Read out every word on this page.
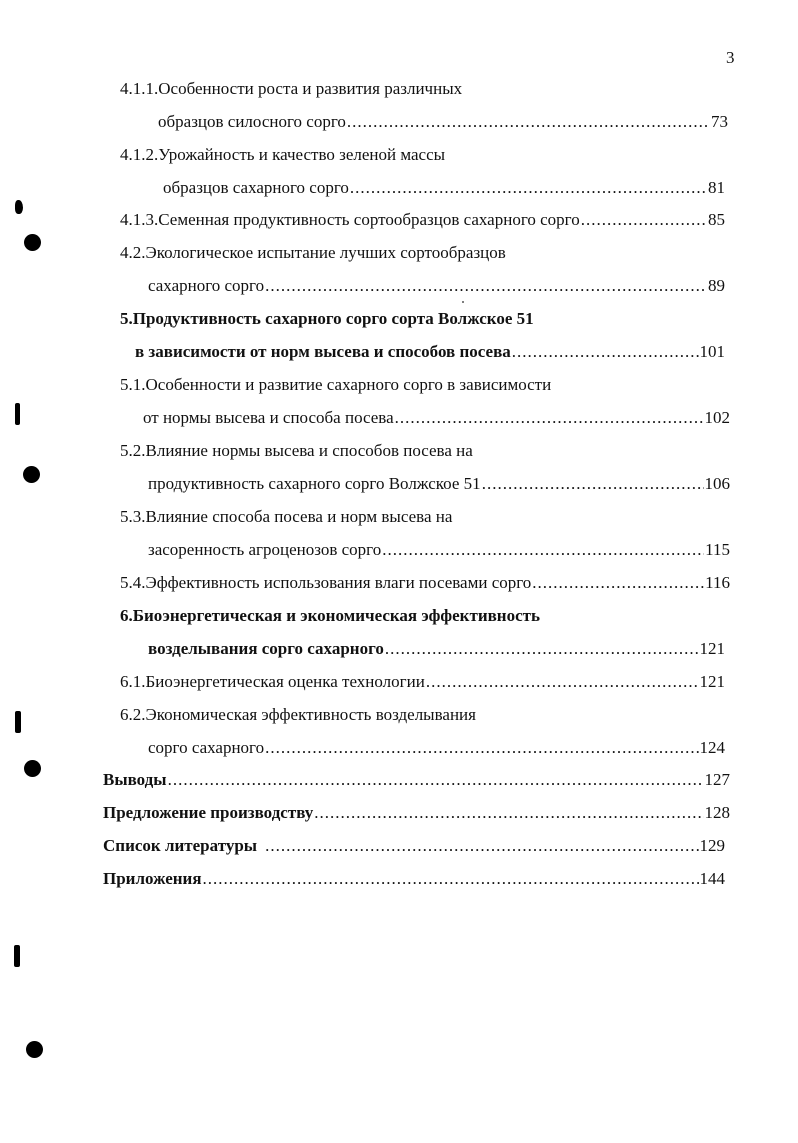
3
4.1.1.Особенности роста и развития различных
образцов силосного сорго .....	73
4.1.2.Урожайность и качество зеленой массы
образцов сахарного сорго .....	81
4.1.3.Семенная продуктивность сортообразцов сахарного сорго .....	85
4.2.Экологическое испытание лучших сортообразцов
сахарного сорго .....	89
5.Продуктивность сахарного сорго сорта Волжское 51
в зависимости от норм высева и способов посева .....	101
5.1.Особенности и развитие сахарного сорго в зависимости
от нормы высева и способа посева .....	102
5.2.Влияние нормы высева и способов посева на
продуктивность сахарного сорго Волжское 51 .....	106
5.3.Влияние способа посева и норм высева на
засоренность агроценозов сорго .....	115
5.4.Эффективность использования влаги посевами сорго .....	116
6.Биоэнергетическая и экономическая эффективность
возделывания сорго сахарного .....	121
6.1.Биоэнергетическая оценка технологии .....	121
6.2.Экономическая эффективность возделывания
сорго сахарного .....	124
Выводы .....	127
Предложение производству .....	128
Список литературы .....	129
Приложения .....	144
